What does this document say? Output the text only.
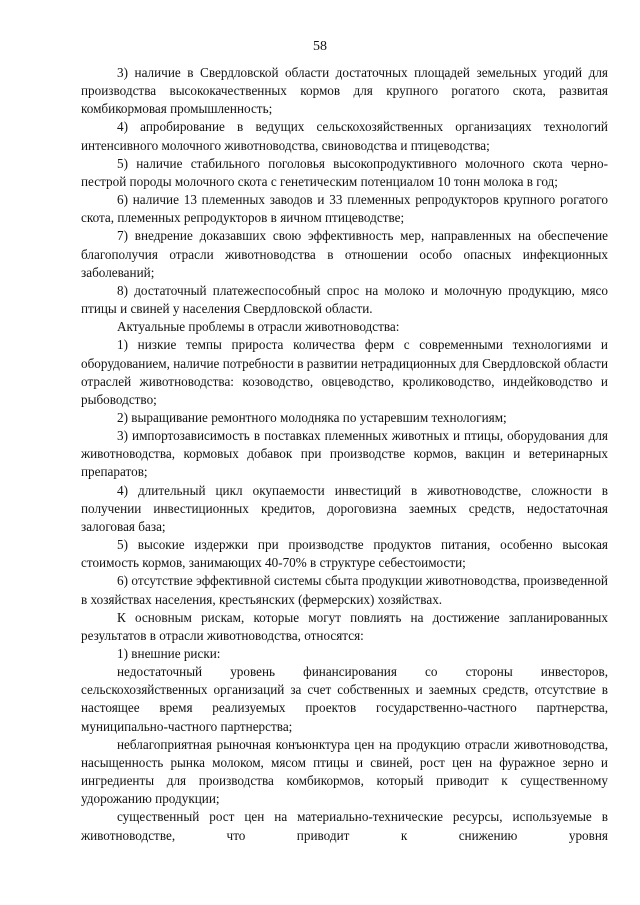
58

3) наличие в Свердловской области достаточных площадей земельных угодий для производства высококачественных кормов для крупного рогатого скота, развитая комбикормовая промышленность;

4) апробирование в ведущих сельскохозяйственных организациях технологий интенсивного молочного животноводства, свиноводства и птицеводства;

5) наличие стабильного поголовья высокопродуктивного молочного скота черно-пестрой породы молочного скота с генетическим потенциалом 10 тонн молока в год;

6) наличие 13 племенных заводов и 33 племенных репродукторов крупного рогатого скота, племенных репродукторов в яичном птицеводстве;

7) внедрение доказавших свою эффективность мер, направленных на обеспечение благополучия отрасли животноводства в отношении особо опасных инфекционных заболеваний;

8) достаточный платежеспособный спрос на молоко и молочную продукцию, мясо птицы и свиней у населения Свердловской области.

Актуальные проблемы в отрасли животноводства:

1) низкие темпы прироста количества ферм с современными технологиями и оборудованием, наличие потребности в развитии нетрадиционных для Свердловской области отраслей животноводства: козоводство, овцеводство, кролиководство, индейководство и рыбоводство;

2) выращивание ремонтного молодняка по устаревшим технологиям;

3) импортозависимость в поставках племенных животных и птицы, оборудования для животноводства, кормовых добавок при производстве кормов, вакцин и ветеринарных препаратов;

4) длительный цикл окупаемости инвестиций в животноводстве, сложности в получении инвестиционных кредитов, дороговизна заемных средств, недостаточная залоговая база;

5) высокие издержки при производстве продуктов питания, особенно высокая стоимость кормов, занимающих 40-70% в структуре себестоимости;

6) отсутствие эффективной системы сбыта продукции животноводства, произведенной в хозяйствах населения, крестьянских (фермерских) хозяйствах.

К основным рискам, которые могут повлиять на достижение запланированных результатов в отрасли животноводства, относятся:

1) внешние риски:

недостаточный уровень финансирования со стороны инвесторов, сельскохозяйственных организаций за счет собственных и заемных средств, отсутствие в настоящее время реализуемых проектов государственно-частного партнерства, муниципально-частного партнерства;

неблагоприятная рыночная конъюнктура цен на продукцию отрасли животноводства, насыщенность рынка молоком, мясом птицы и свиней, рост цен на фуражное зерно и ингредиенты для производства комбикормов, который приводит к существенному удорожанию продукции;

существенный рост цен на материально-технические ресурсы, используемые в животноводстве, что приводит к снижению уровня
